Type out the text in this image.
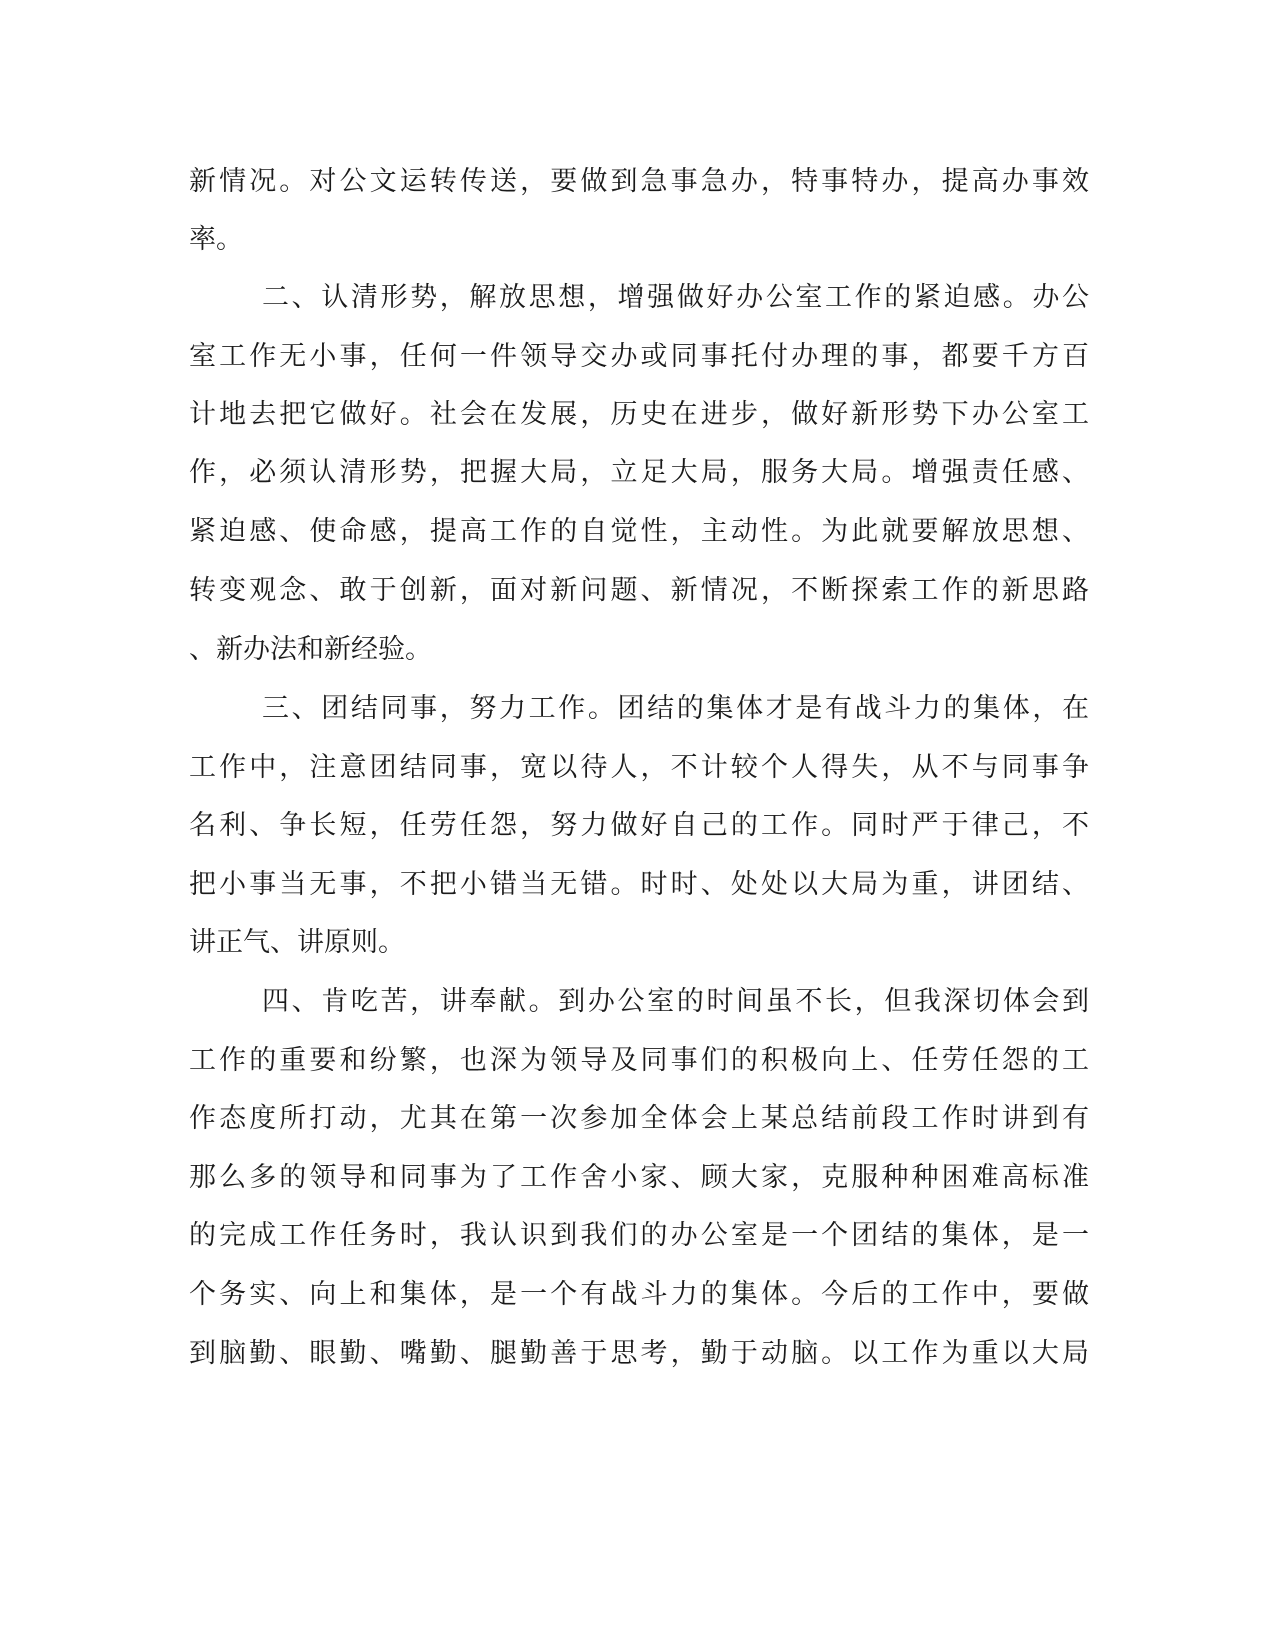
新情况。对公文运转传送，要做到急事急办，特事特办，提高办事效
率。
二、认清形势，解放思想，增强做好办公室工作的紧迫感。办公
室工作无小事，任何一件领导交办或同事托付办理的事，都要千方百
计地去把它做好。社会在发展，历史在进步，做好新形势下办公室工
作，必须认清形势，把握大局，立足大局，服务大局。增强责任感、
紧迫感、使命感，提高工作的自觉性，主动性。为此就要解放思想、
转变观念、敢于创新，面对新问题、新情况，不断探索工作的新思路
、新办法和新经验。
三、团结同事，努力工作。团结的集体才是有战斗力的集体，在
工作中，注意团结同事，宽以待人，不计较个人得失，从不与同事争
名利、争长短，任劳任怨，努力做好自己的工作。同时严于律己，不
把小事当无事，不把小错当无错。时时、处处以大局为重，讲团结、
讲正气、讲原则。
四、肯吃苦，讲奉献。到办公室的时间虽不长，但我深切体会到
工作的重要和纷繁，也深为领导及同事们的积极向上、任劳任怨的工
作态度所打动，尤其在第一次参加全体会上某总结前段工作时讲到有
那么多的领导和同事为了工作舍小家、顾大家，克服种种困难高标准
的完成工作任务时，我认识到我们的办公室是一个团结的集体，是一
个务实、向上和集体，是一个有战斗力的集体。今后的工作中，要做
到脑勤、眼勤、嘴勤、腿勤善于思考，勤于动脑。以工作为重以大局
